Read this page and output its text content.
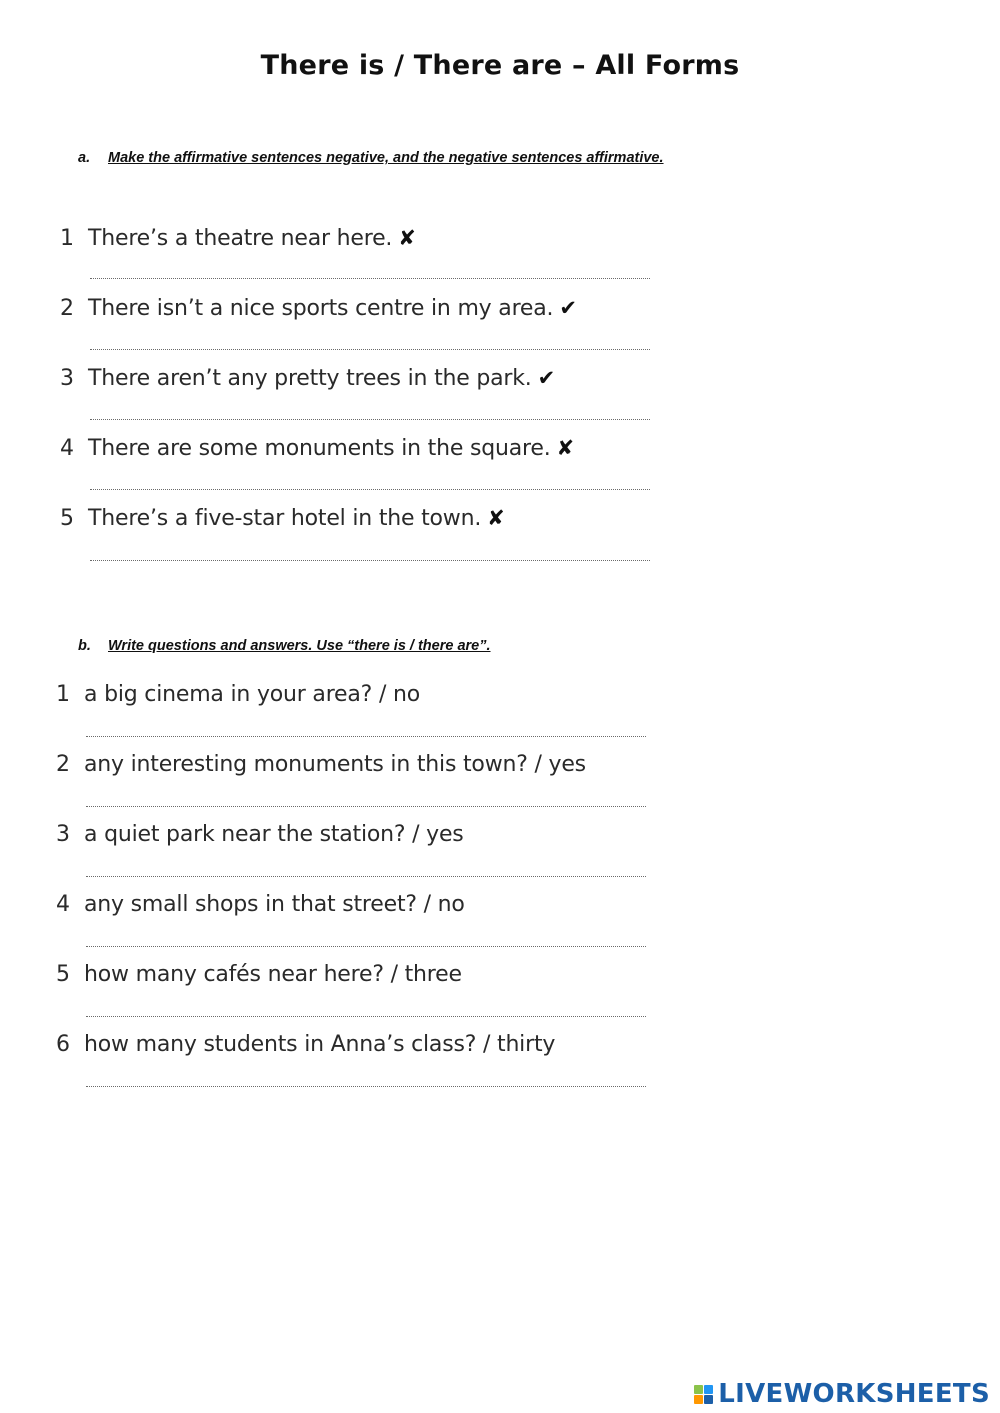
There is / There are – All Forms
a. Make the affirmative sentences negative, and the negative sentences affirmative.
1 There’s a theatre near here. ✘
2 There isn’t a nice sports centre in my area. ✔
3 There aren’t any pretty trees in the park. ✔
4 There are some monuments in the square. ✘
5 There’s a five-star hotel in the town. ✘
b. Write questions and answers. Use “there is / there are”.
1 a big cinema in your area? / no
2 any interesting monuments in this town? / yes
3 a quiet park near the station? / yes
4 any small shops in that street? / no
5 how many cafés near here? / three
6 how many students in Anna’s class? / thirty
LIVEWORKSHEETS
